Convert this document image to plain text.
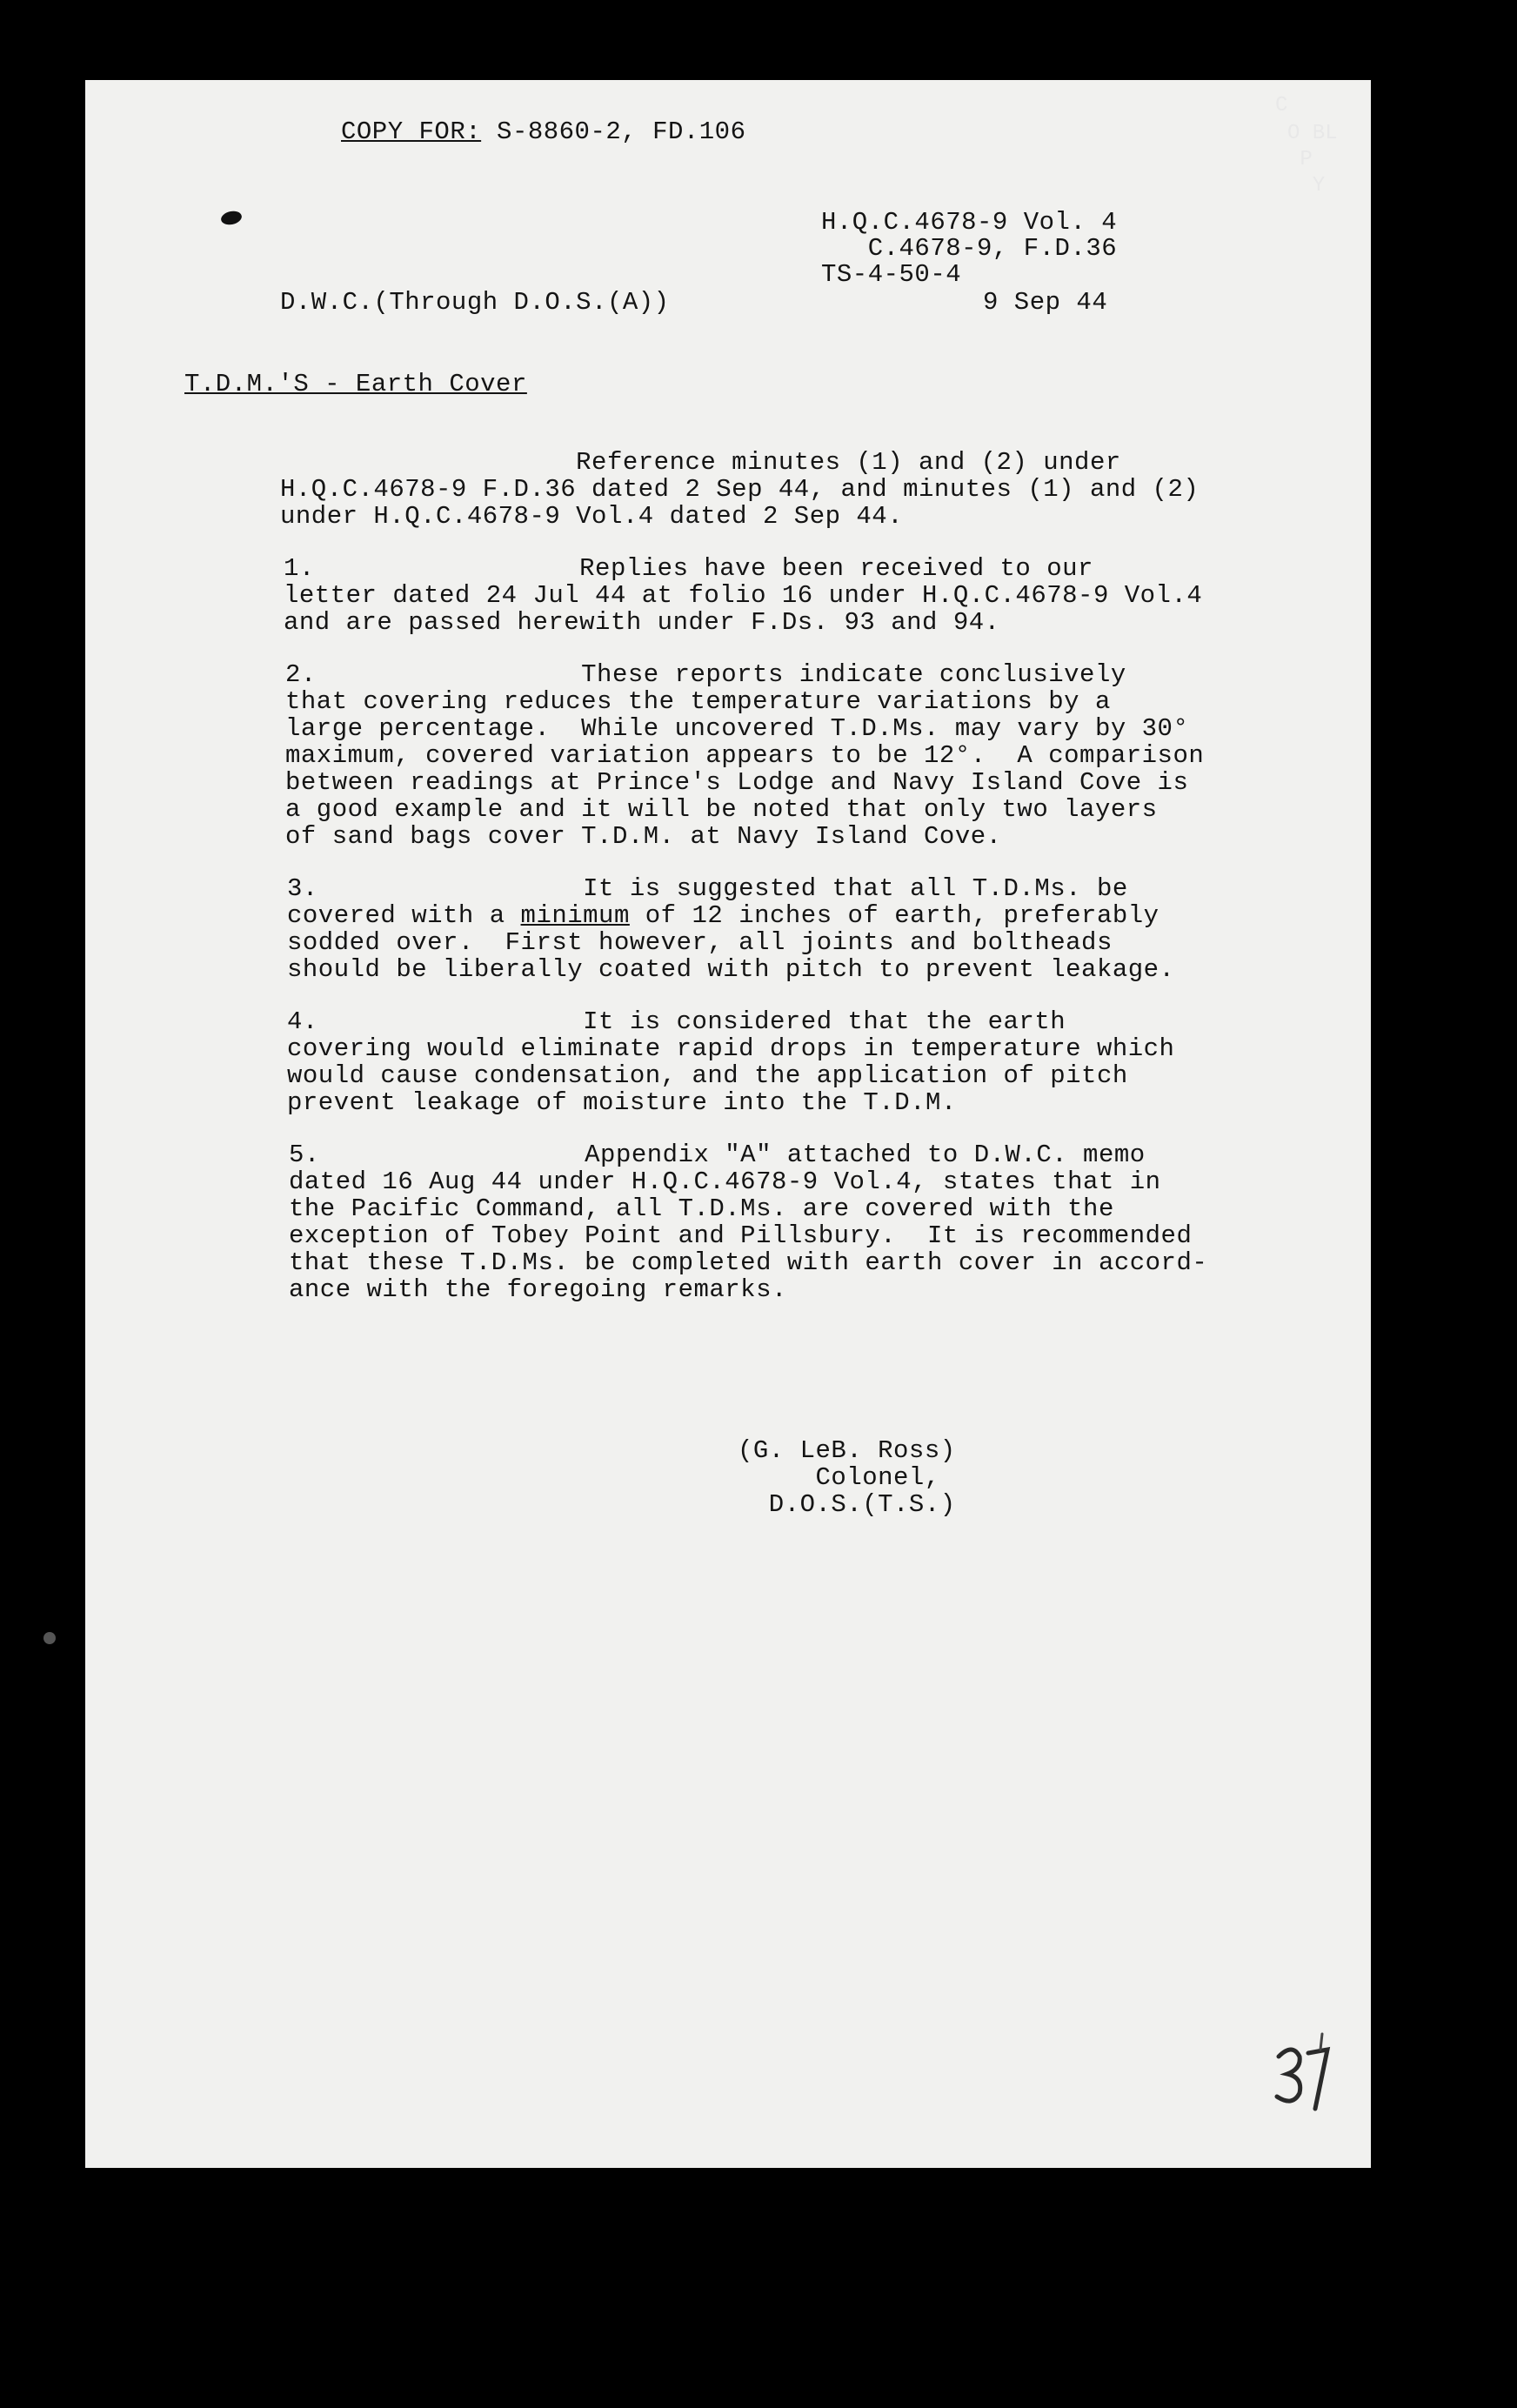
C
O BL
P
Y
COPY FOR: S-8860-2, FD.106
H.Q.C.4678-9 Vol. 4
C.4678-9, F.D.36
TS-4-50-4
D.W.C.(Through D.O.S.(A))	9 Sep 44
T.D.M.'S - Earth Cover
Reference minutes (1) and (2) under
H.Q.C.4678-9 F.D.36 dated 2 Sep 44, and minutes (1) and (2)
under H.Q.C.4678-9 Vol.4 dated 2 Sep 44.
1.                 Replies have been received to our
letter dated 24 Jul 44 at folio 16 under H.Q.C.4678-9 Vol.4
and are passed herewith under F.Ds. 93 and 94.
2.                 These reports indicate conclusively
that covering reduces the temperature variations by a
large percentage.  While uncovered T.D.Ms. may vary by 30°
maximum, covered variation appears to be 12°.  A comparison
between readings at Prince's Lodge and Navy Island Cove is
a good example and it will be noted that only two layers
of sand bags cover T.D.M. at Navy Island Cove.
3.                 It is suggested that all T.D.Ms. be
covered with a minimum of 12 inches of earth, preferably
sodded over.  First however, all joints and boltheads
should be liberally coated with pitch to prevent leakage.
4.                 It is considered that the earth
covering would eliminate rapid drops in temperature which
would cause condensation, and the application of pitch
prevent leakage of moisture into the T.D.M.
5.                 Appendix "A" attached to D.W.C. memo
dated 16 Aug 44 under H.Q.C.4678-9 Vol.4, states that in
the Pacific Command, all T.D.Ms. are covered with the
exception of Tobey Point and Pillsbury.  It is recommended
that these T.D.Ms. be completed with earth cover in accord-
ance with the foregoing remarks.
(G. LeB. Ross)
Colonel,
D.O.S.(T.S.)
